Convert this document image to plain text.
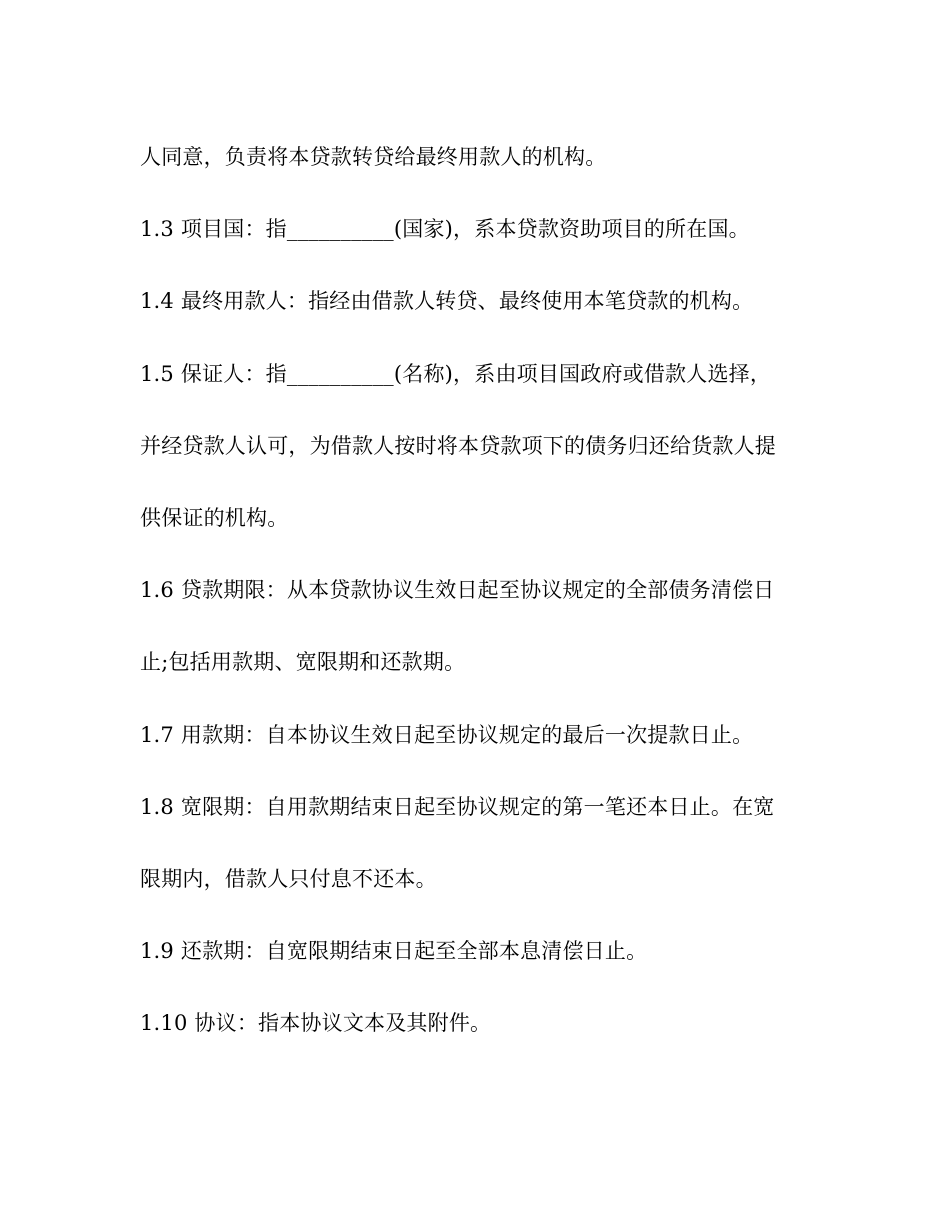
人同意，负责将本贷款转贷给最终用款人的机构。
1.3 项目国：指__________(国家)，系本贷款资助项目的所在国。
1.4 最终用款人：指经由借款人转贷、最终使用本笔贷款的机构。
1.5 保证人：指__________(名称)，系由项目国政府或借款人选择，
并经贷款人认可，为借款人按时将本贷款项下的债务归还给货款人提
供保证的机构。
1.6 贷款期限：从本贷款协议生效日起至协议规定的全部债务清偿日
止;包括用款期、宽限期和还款期。
1.7 用款期：自本协议生效日起至协议规定的最后一次提款日止。
1.8 宽限期：自用款期结束日起至协议规定的第一笔还本日止。在宽
限期内，借款人只付息不还本。
1.9 还款期：自宽限期结束日起至全部本息清偿日止。
1.10 协议：指本协议文本及其附件。
